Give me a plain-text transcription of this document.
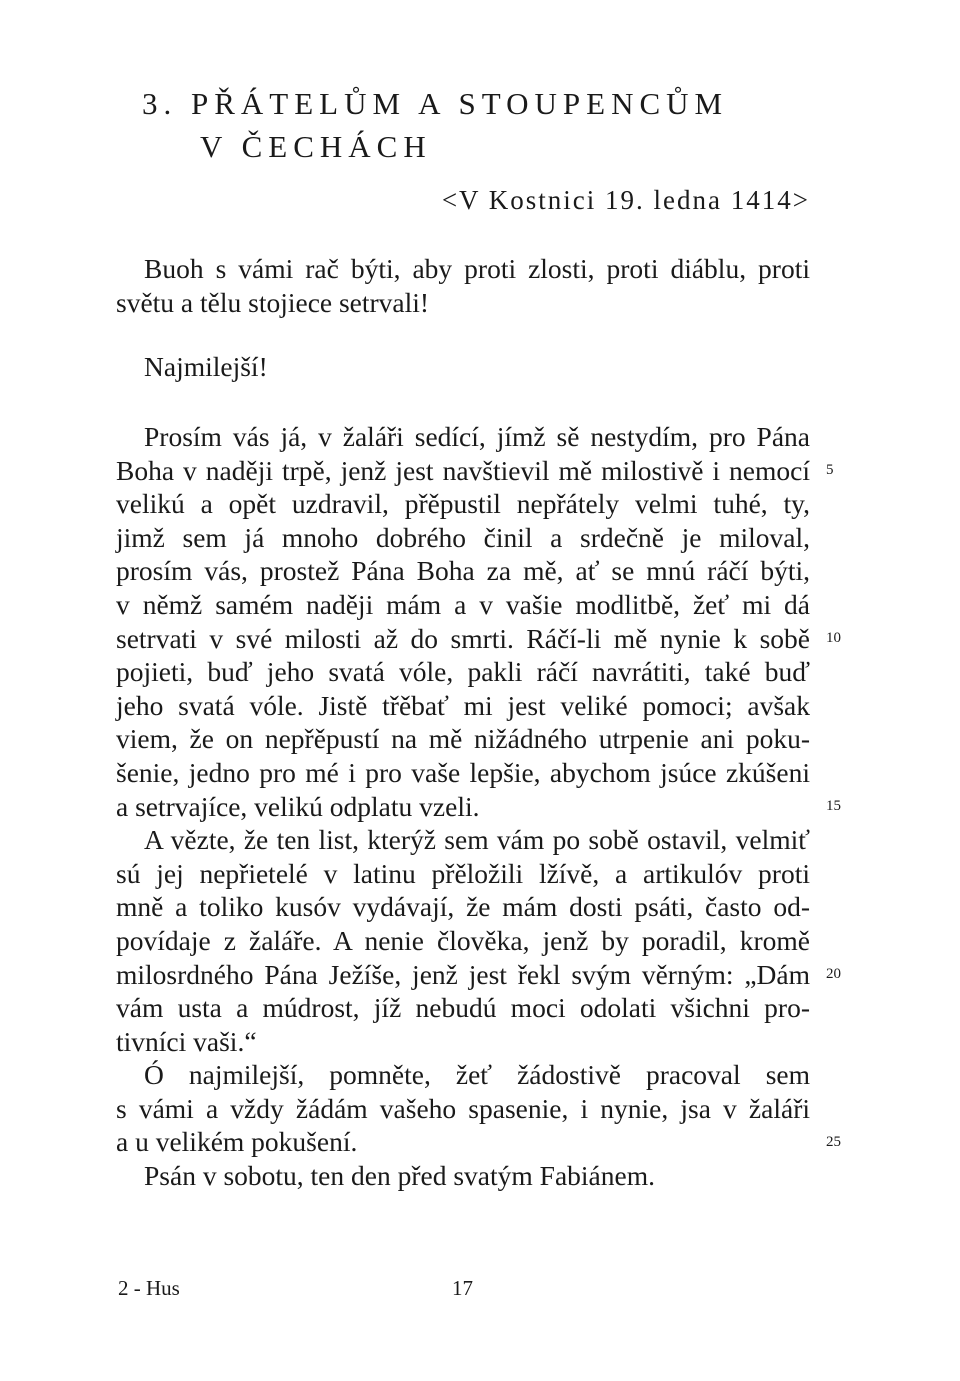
3. PŘÁTELŮM A STOUPENCŮM
V ČECHÁCH
<V Kostnici 19. ledna 1414>
Buoh s vámi rač býti, aby proti zlosti, proti diáblu, proti
světu a tělu stojiece setrvali!
Najmilejší!
Prosím vás já, v žaláři sedící, jímž sě nestydím, pro Pána
Boha v naději trpě, jenž jest navštievil mě milostivě i nemocí
velikú a opět uzdravil, přěpustil nepřátely velmi tuhé, ty,
jimž sem já mnoho dobrého činil a srdečně je miloval,
prosím vás, prostež Pána Boha za mě, ať se mnú ráčí býti,
v němž samém naději mám a v vašie modlitbě, žeť mi dá
setrvati v své milosti až do smrti. Ráčí-li mě nynie k sobě
pojieti, buď jeho svatá vóle, pakli ráčí navrátiti, také buď
jeho svatá vóle. Jistě třěbať mi jest veliké pomoci; avšak
viem, že on nepřěpustí na mě nižádného utrpenie ani poku-
šenie, jedno pro mé i pro vaše lepšie, abychom jsúce zkúšeni
a setrvajíce, velikú odplatu vzeli.
A vězte, že ten list, kterýž sem vám po sobě ostavil, velmiť
sú jej nepřietelé v latinu přěložili lžívě, a artikulóv proti
mně a toliko kusóv vydávají, že mám dosti psáti, často od-
povídaje z žaláře. A nenie člověka, jenž by poradil, kromě
milosrdného Pána Ježíše, jenž jest řekl svým věrným: „Dám
vám usta a múdrost, jíž nebudú moci odolati všichni pro-
tivníci vaši.“
Ó najmilejší, pomněte, žeť žádostivě pracoval sem
s vámi a vždy žádám vašeho spasenie, i nynie, jsa v žaláři
a u velikém pokušení.
Psán v sobotu, ten den před svatým Fabiánem.
5
10
15
20
25
2 - Hus	17
